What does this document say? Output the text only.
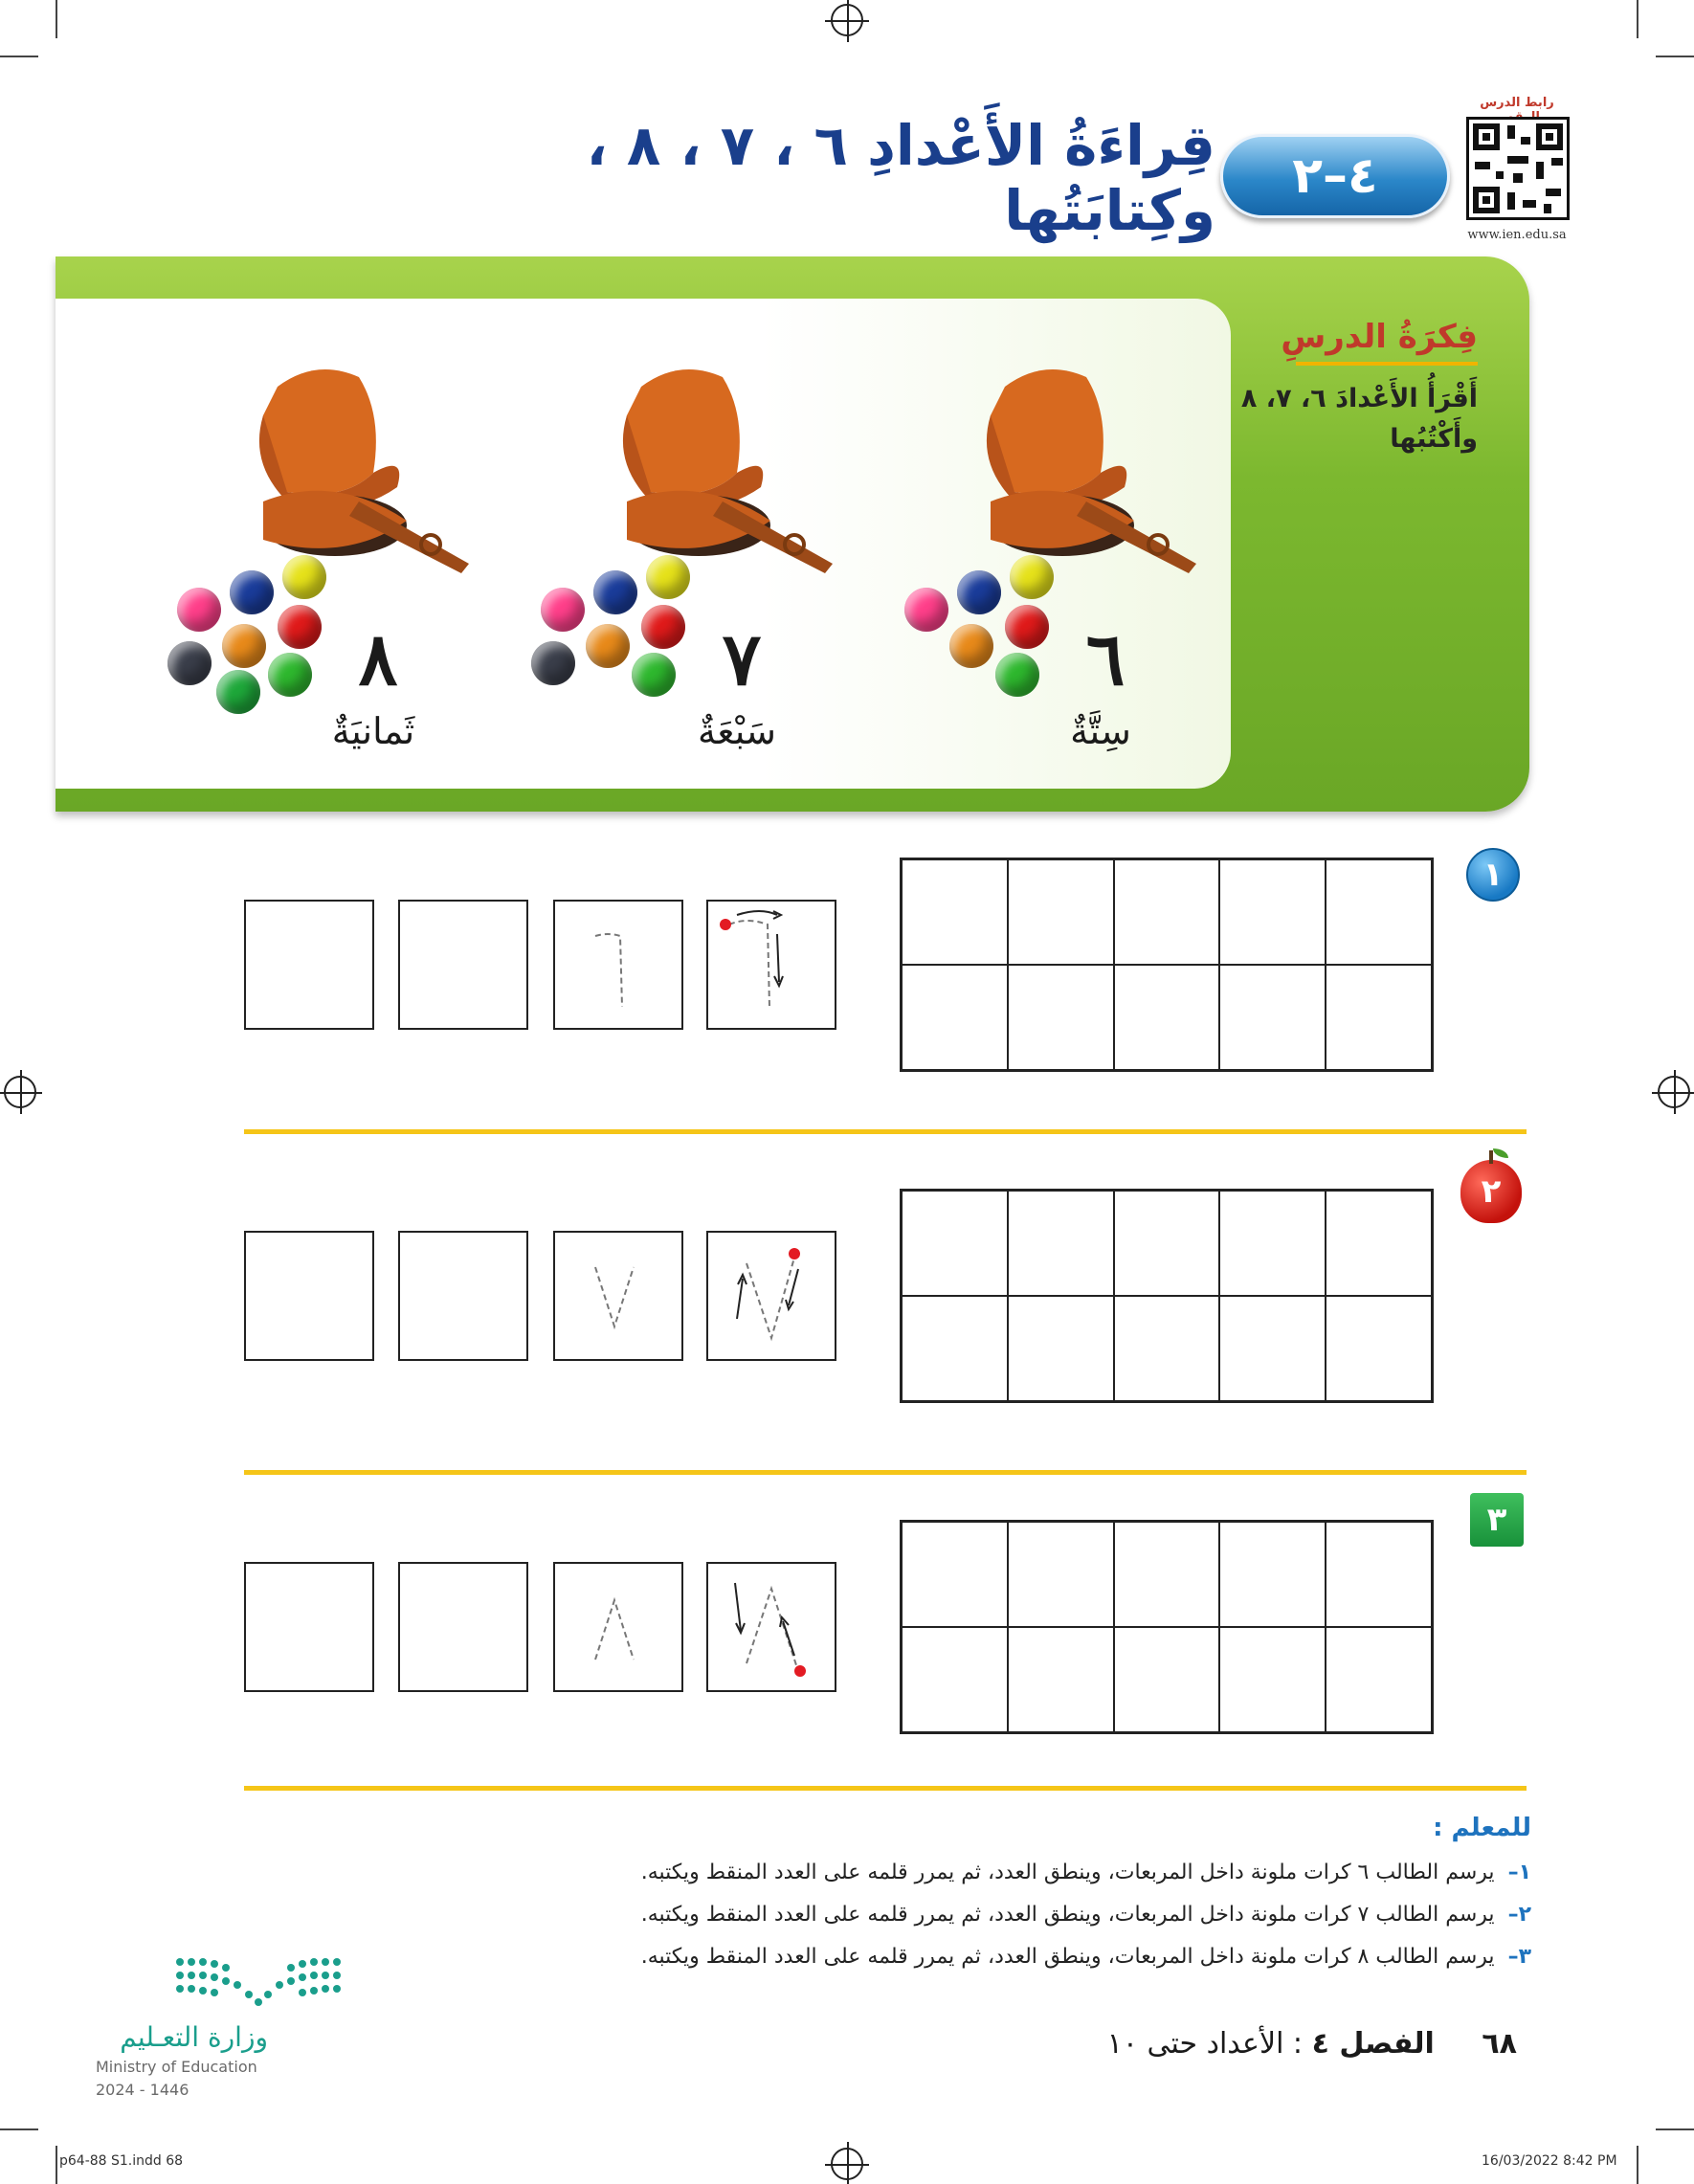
رابط الدرس
www.ien.edu.sa
٤–٢
قِراءَةُ الأَعْدادِ ٦ ، ٧ ، ٨ ، وكِتابَتُها
فِكرَةُ الدرسِ
أَقْرَأُ الأَعْدادَ ٦، ٧، ٨
وأَكْتُبُها
٨
ثَمانيَةٌ
٧
سَبْعَةٌ
٦
سِتَّةٌ
١
٢
٣
للمعلم :
١–يرسم الطالب ٦ كرات ملونة داخل المربعات، وينطق العدد، ثم يمرر قلمه على العدد المنقط ويكتبه.
٢–يرسم الطالب ٧ كرات ملونة داخل المربعات، وينطق العدد، ثم يمرر قلمه على العدد المنقط ويكتبه.
٣–يرسم الطالب ٨ كرات ملونة داخل المربعات، وينطق العدد، ثم يمرر قلمه على العدد المنقط ويكتبه.
وزارة التعـليم
Ministry of Education
2024 - 1446
٦٨ الفصل ٤ : الأعداد حتى ١٠
p64-88 S1.indd 68	16/03/2022 8:42 PM
